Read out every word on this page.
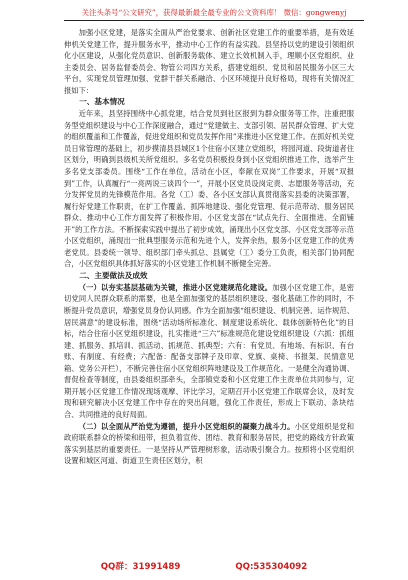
关注头条号“公文研究”，获得最新最全最专业的公文资料库！ 微信：gongwenyj

加强小区党建，是落实全面从严治党要求、创新社区党建工作的重要举措，是有效延伸机关党建工作，提升服务水平，推动中心工作的有益实践。县坚持以党的建设引领组织化小区建设，从强化党员意识、创新服务载体、建立长效机制入手，理顺小区党组织、业主委员会、居务监督委员会、物管公司四方关系，搭建党组织、党员和居民服务小区三大平台，实现党员管理加强、党群干群关系融洽、小区环境提升良好格局，现将有关情况汇报如下：

一、基本情况

近年来，县坚持围绕中心抓党建，结合党员到社区报到为群众服务等工作，注重把服务型党组织建设与中心工作深度融合，通过“党建做主、支部引领、居民群众管理、扩大党的组织覆盖和工作覆盖，促进党组织和党员发挥作用”来推进小区党建工作。在抓好机关党员日常管理的基础上，初步摸清县县城区1个住宿小区建立党组织，将园河道、段街道者住区划分，明确到县级机关所党组织。多名党员积极投身到小区党组织推进工作，选举产生多名党支部委员。围绕“工作在单位，活动在小区，奉献在双岗”工作要求，开展“双报到”工作，认真履行“一亮两说三谈四个一”，开展小区党员设岗定责、志愿服务等活动，充分发挥党员的先锋模范作用。各党（工）委、各小区支部认真贯彻落实县委的决策部署，履行好党建工作职责，在扩工作覆盖、抓阵地建设、强化党管理、促示范带动、服务居民群众、推动中心工作方面发挥了积极作用。小区党支部在“试点先行、全面推进、全面铺开”的工作方法。不断探索实践中提出了初步成效，涌现出小区党支部、小区党支部等示范小区党组织，涌现出一批典型服务示范和先进个人，发挥余热，服务小区党建工作的优秀老党员。县委统一领导、组织部门牵头抓总、县属党（工）委分工负责，相关部门协同配合，小区党组织具体抓好落实的小区党建工作机制不断健全完善。

二、主要做法及成效

（一）以夯实基层基础为关键，推进小区党建规范化建设。加强小区党建工作，是密切党同人民群众联系的需要，也是全面加强党的基层组织建设、强化基础工作的同时，不断提升党员意识，增强党员身份认同感。作为全面加强“组织建设、机制完善、运作规范、居民满意”的建设标准，围绕“活动场所标准化、制度建设系统化、载体创新特色化”的目标，结合住宿小区党组织建设，扎实推进“三六”标准规范化建设党组织建设（六抓：抓组建、抓服务、抓培训、抓活动、抓规范、抓典型；六有：有党员、有地场、有标识、有台账、有制度、有经费；六配备：配备支部牌子及印章、党旗、桌椅、书报架、民情意见箱、党务公开栏），不断完善住宿小区党组织阵地建设及工作规范化。一是健全沟通协调、督促检查等制度，由县委组织部牵头，全部镇党委和小区党建工作主责单位共同参与，定期开展小区党建工作情况现场观摩、评比学习，定期召开小区党建工作联席会议，及时发现和研究解决小区党建工作中存在的突出问题，强化工作责任，形成上下联动、条块结合、共同推进的良好局面。

（二）以全面从严治党为遵循，提升小区党组织的凝聚力战斗力。小区党组织是党和政府联系群众的桥梁和纽带，担负着宣传、团结、教育和服务居民，把党的路线方针政策落实到基层的重要责任。一是坚持从严管理树形象，活动吸引聚合力。按照将小区党组织设置和城区河道、街道卫生责任区划分，积

QQ群：31991489	QQ:535304092
